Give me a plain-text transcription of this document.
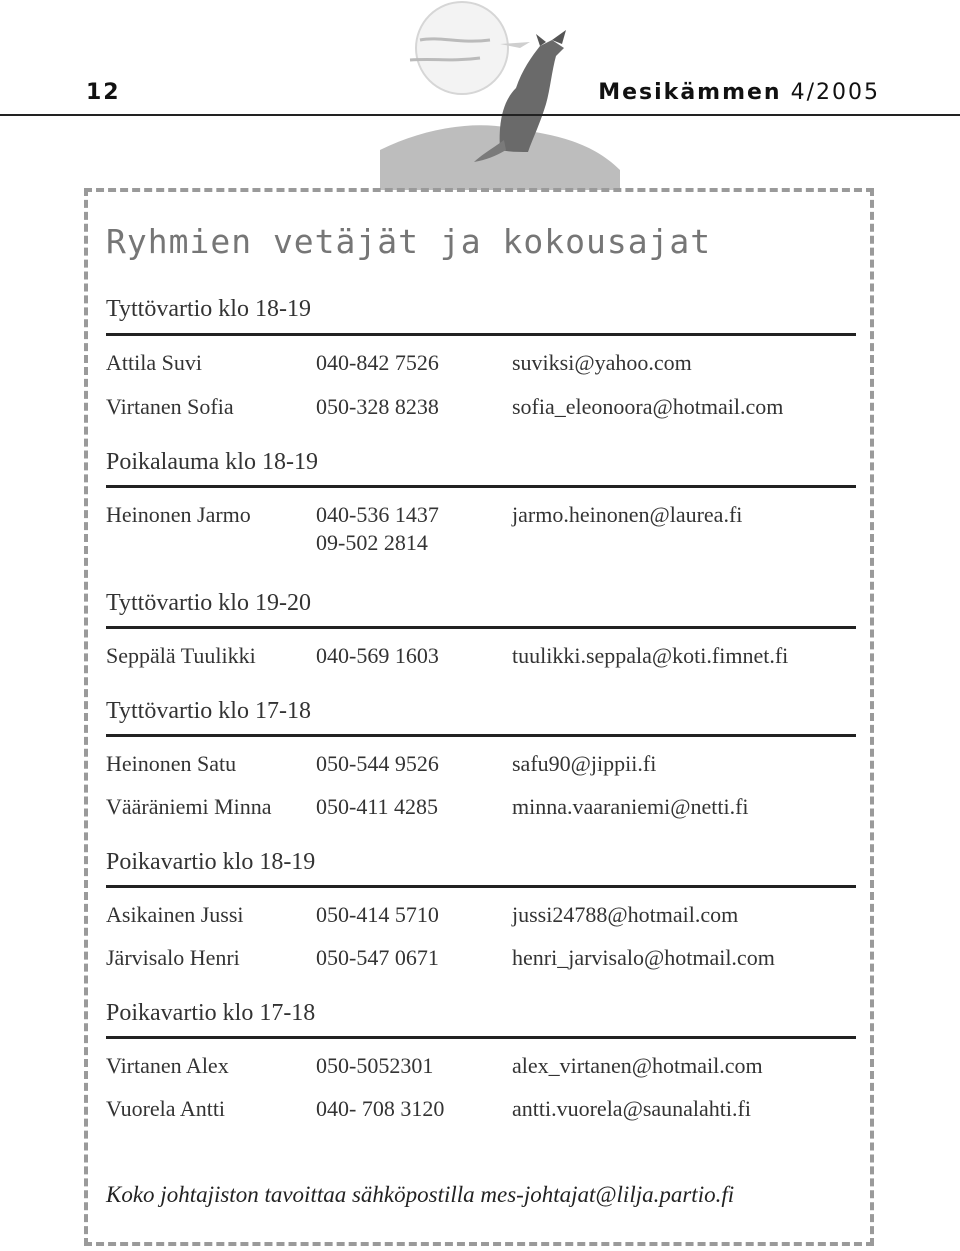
12	Mesikämmen 4/2005
Ryhmien vetäjät ja kokousajat
Tyttövartio klo 18-19
Attila Suvi	040-842 7526	suviksi@yahoo.com
Virtanen Sofia	050-328 8238	sofia_eleonoora@hotmail.com
Poikalauma klo 18-19
Heinonen Jarmo	040-536 1437	jarmo.heinonen@laurea.fi
09-502 2814
Tyttövartio klo 19-20
Seppälä Tuulikki	040-569 1603	tuulikki.seppala@koti.fimnet.fi
Tyttövartio klo 17-18
Heinonen Satu	050-544 9526	safu90@jippii.fi
Vääräniemi Minna 050-411 4285	minna.vaaraniemi@netti.fi
Poikavartio klo 18-19
Asikainen Jussi	050-414 5710	jussi24788@hotmail.com
Järvisalo Henri	050-547 0671	henri_jarvisalo@hotmail.com
Poikavartio klo 17-18
Virtanen Alex	050-5052301	alex_virtanen@hotmail.com
Vuorela Antti	040- 708 3120	antti.vuorela@saunalahti.fi
Koko johtajiston tavoittaa sähköpostilla mes-johtajat@lilja.partio.fi
